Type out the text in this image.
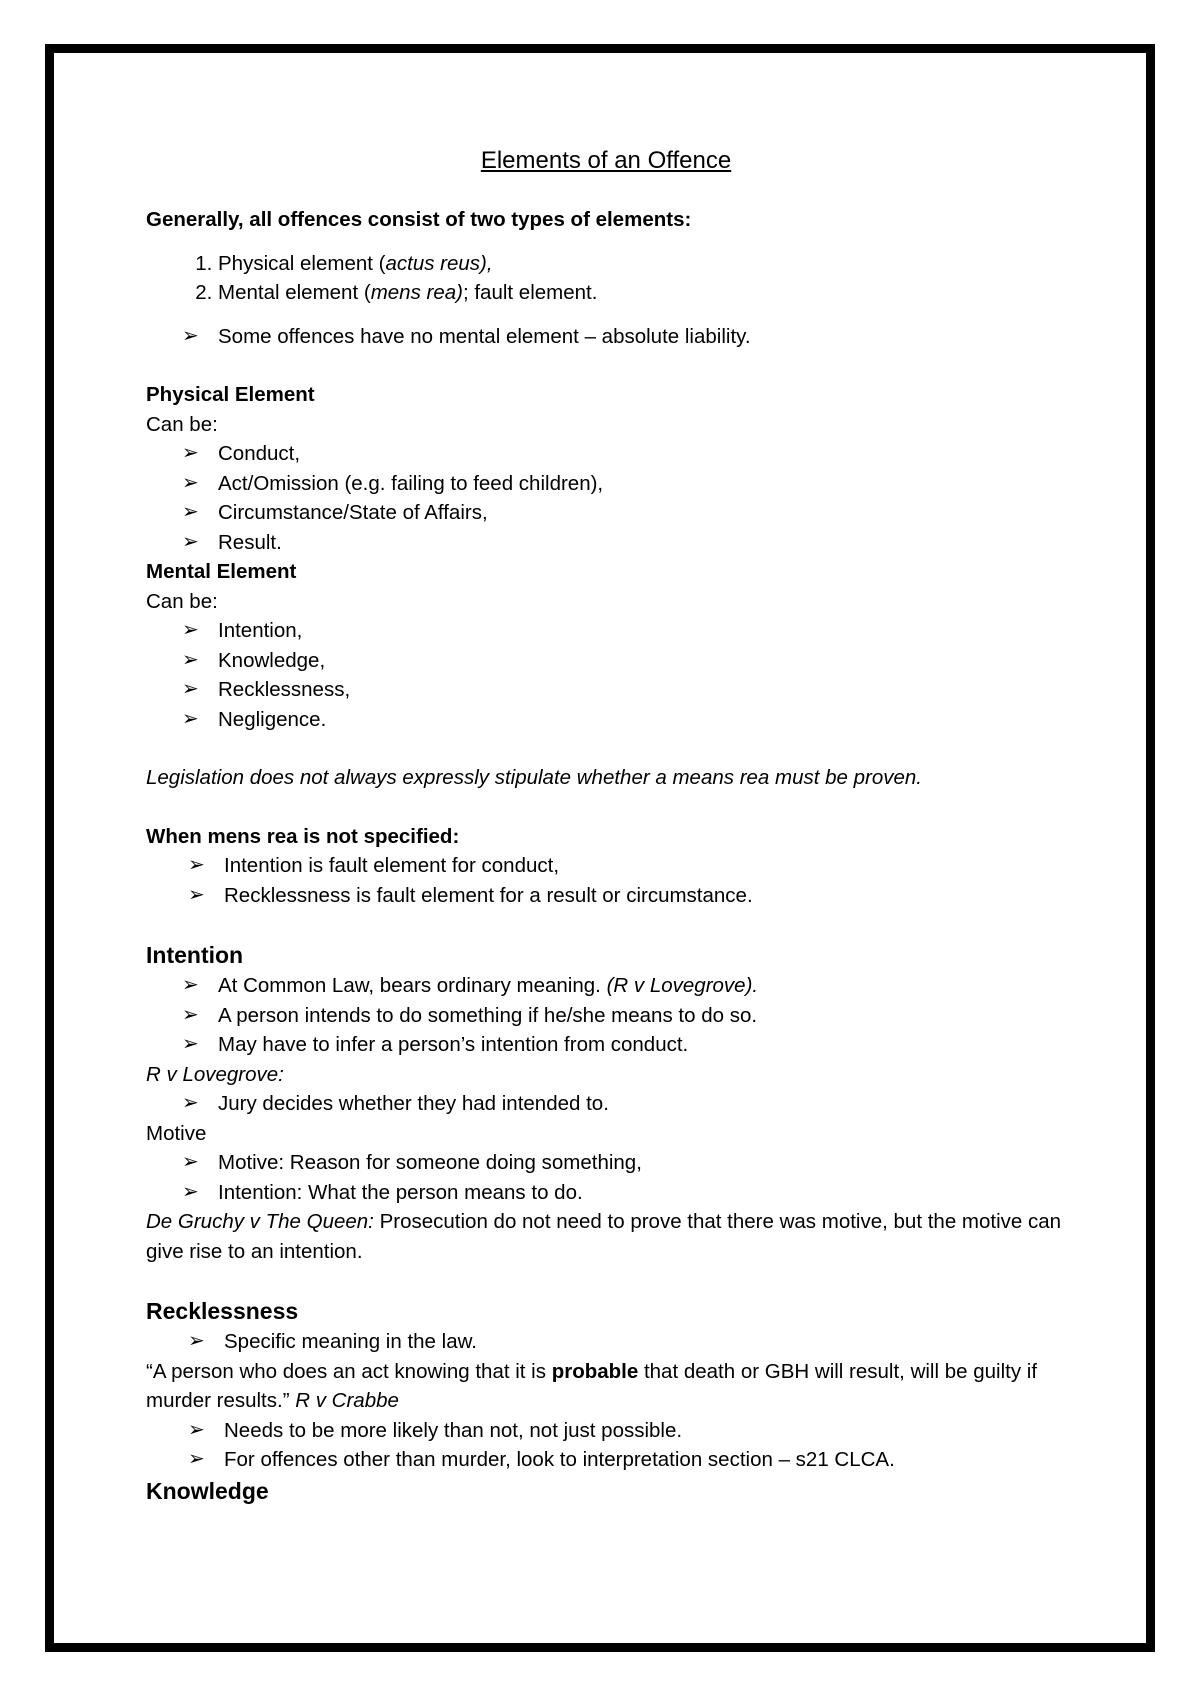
Elements of an Offence

Generally, all offences consist of two types of elements:

1. Physical element (actus reus),
2. Mental element (mens rea); fault element.
➢ Some offences have no mental element – absolute liability.

Physical Element

Can be:

➢ Conduct,
➢ Act/Omission (e.g. failing to feed children),
➢ Circumstance/State of Affairs,
➢ Result.

Mental Element

Can be:

➢ Intention,
➢ Knowledge,
➢ Recklessness,
➢ Negligence.

Legislation does not always expressly stipulate whether a means rea must be proven.

When mens rea is not specified:

➢ Intention is fault element for conduct,
➢ Recklessness is fault element for a result or circumstance.

Intention

➢ At Common Law, bears ordinary meaning. (R v Lovegrove).
➢ A person intends to do something if he/she means to do so.
➢ May have to infer a person’s intention from conduct.

R v Lovegrove:

➢ Jury decides whether they had intended to.

Motive

➢ Motive: Reason for someone doing something,
➢ Intention: What the person means to do.

De Gruchy v The Queen: Prosecution do not need to prove that there was motive, but the motive can give rise to an intention.

Recklessness

➢ Specific meaning in the law.

“A person who does an act knowing that it is probable that death or GBH will result, will be guilty if murder results.” R v Crabbe

➢ Needs to be more likely than not, not just possible.
➢ For offences other than murder, look to interpretation section – s21 CLCA.

Knowledge
